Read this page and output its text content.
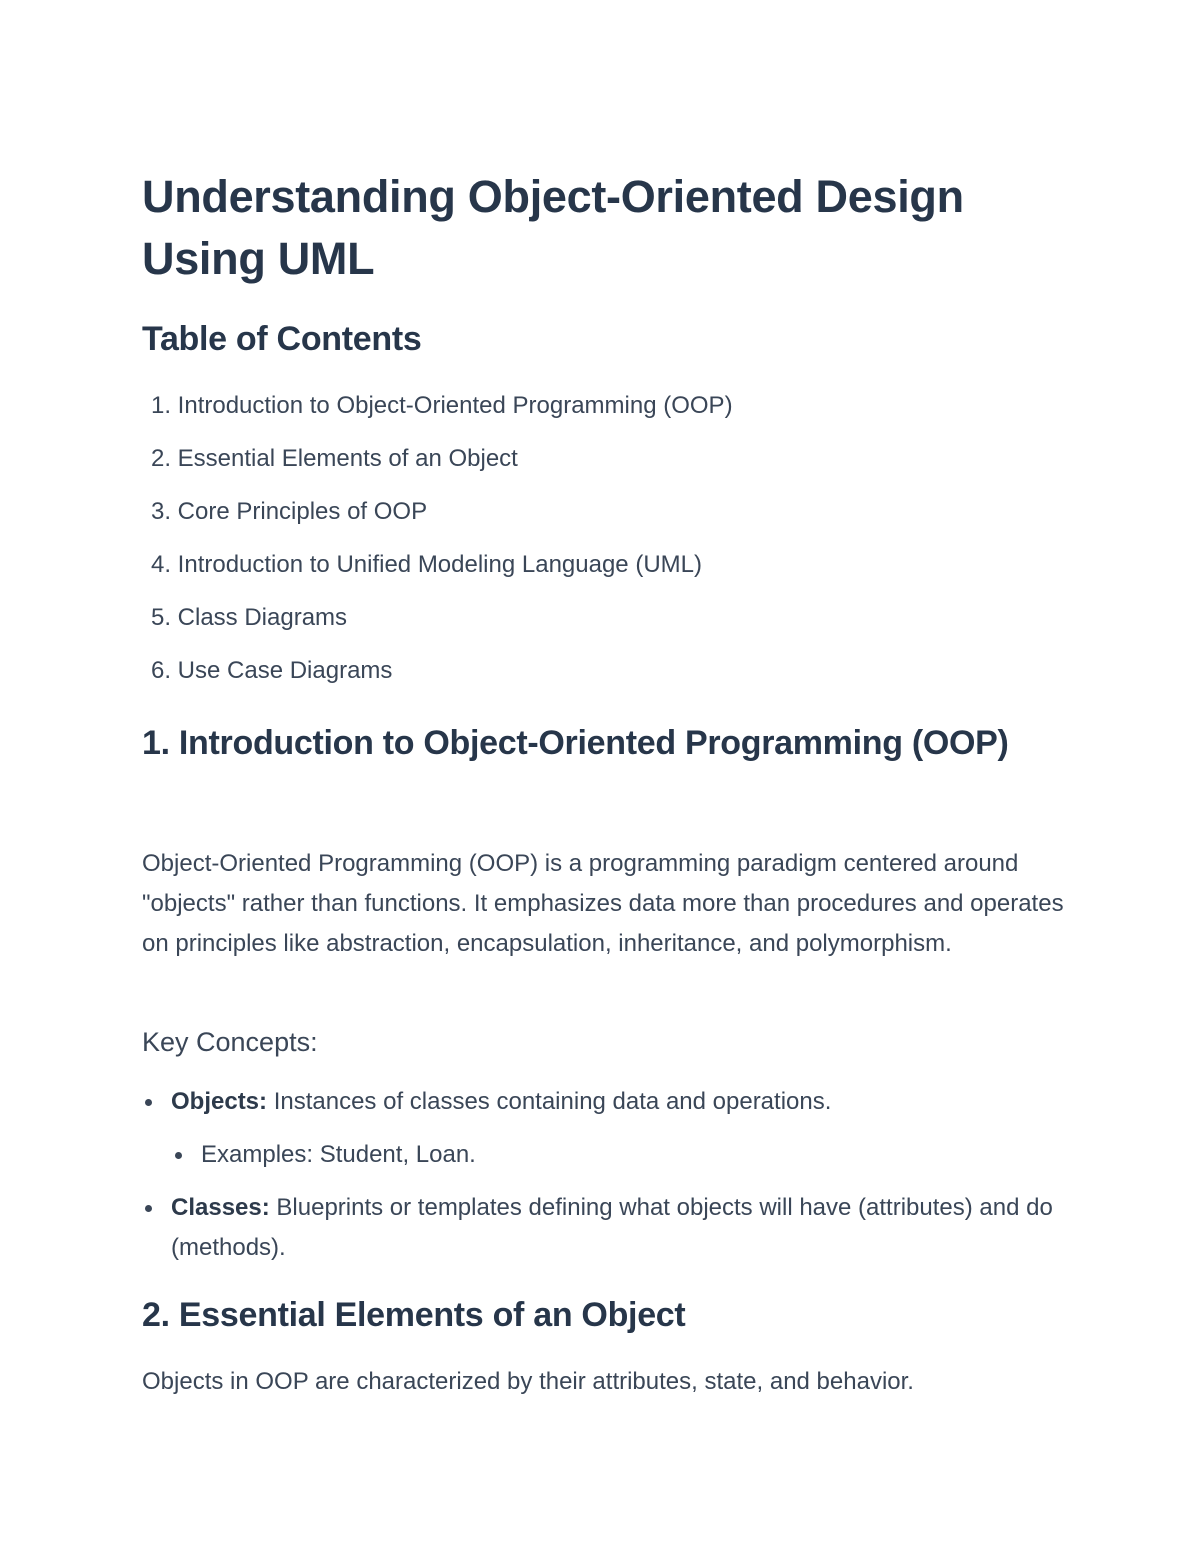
Understanding Object-Oriented Design Using UML
Table of Contents
1.
Introduction to Object-Oriented Programming (OOP)
2.
Essential Elements of an Object
3.
Core Principles of OOP
4.
Introduction to Unified Modeling Language (UML)
5.
Class Diagrams
6.
Use Case Diagrams
1. Introduction to Object-Oriented Programming (OOP)

Object-Oriented Programming (OOP) is a programming paradigm centered around "objects" rather than functions. It emphasizes data more than procedures and operates on principles like abstraction, encapsulation, inheritance, and polymorphism.

Key Concepts:
Objects: Instances of classes containing data and operations.
Examples: Student, Loan.
Classes: Blueprints or templates defining what objects will have (attributes) and do (methods).
2. Essential Elements of an Object

Objects in OOP are characterized by their attributes, state, and behavior.
